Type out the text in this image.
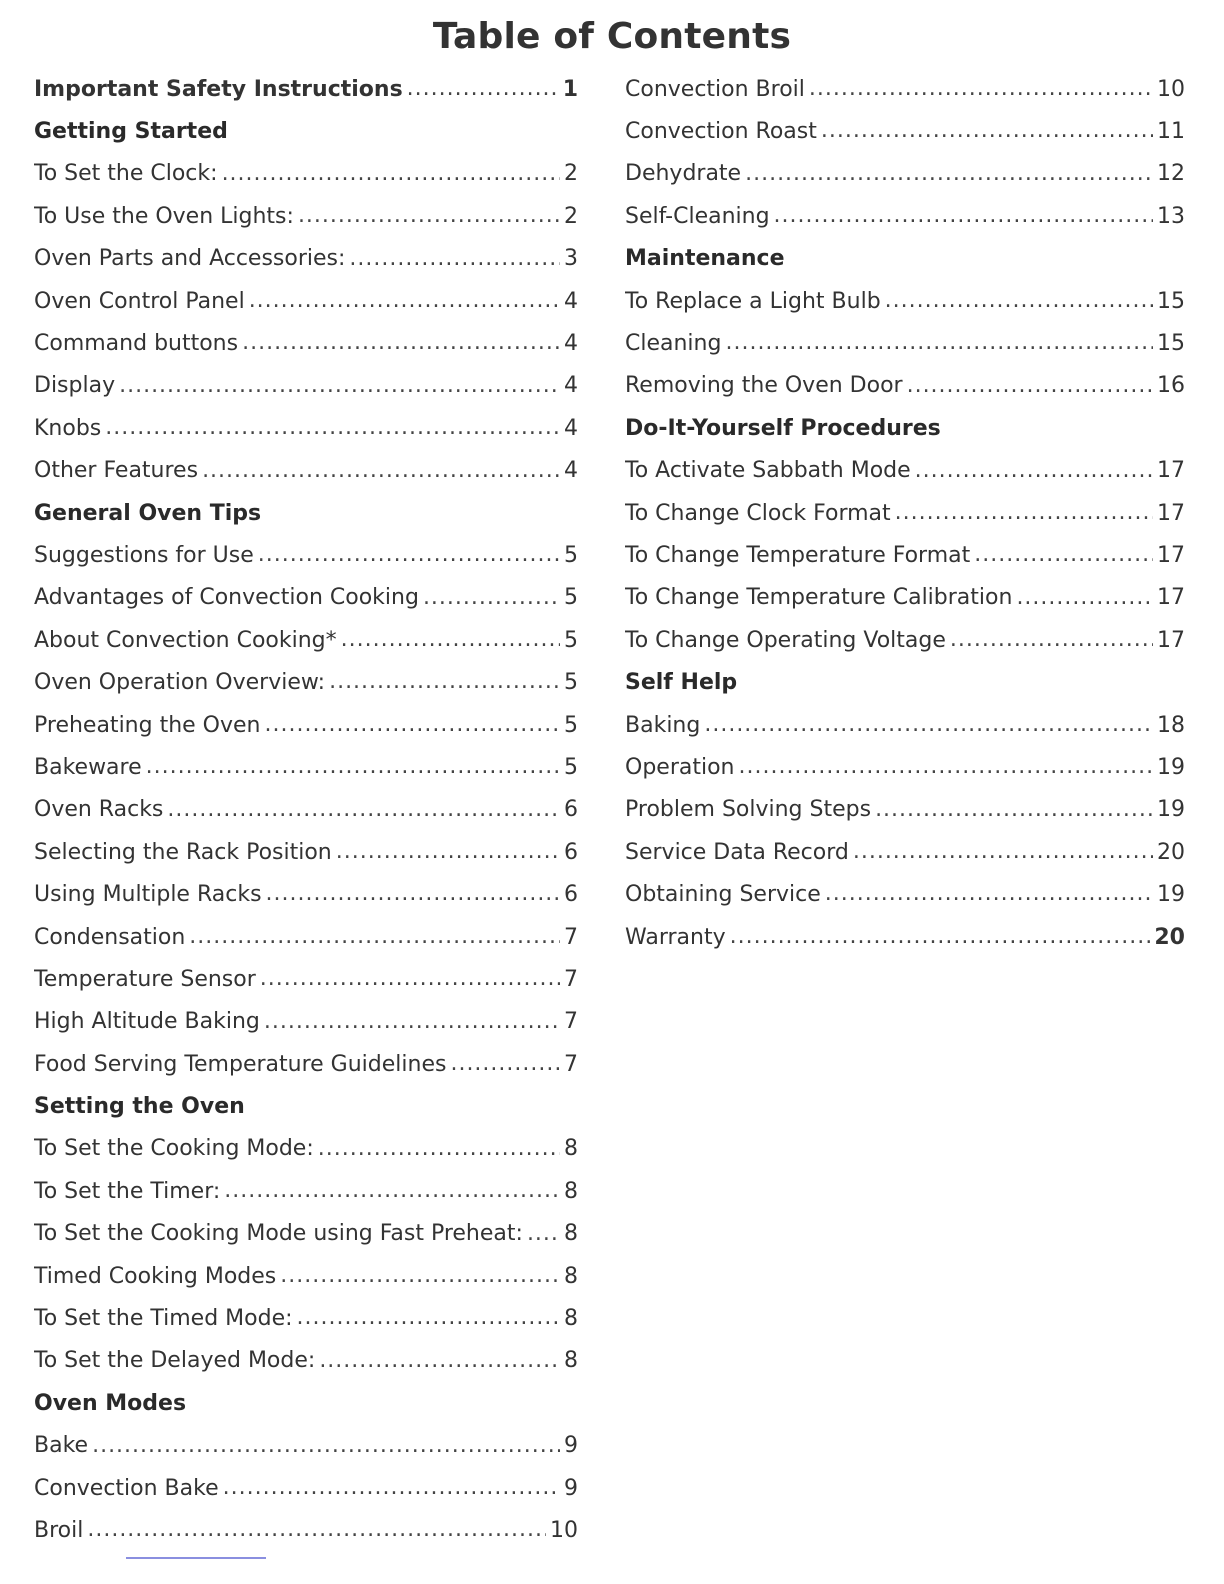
Table of Contents
Important Safety Instructions .....	1
Getting Started
To Set the Clock: .....	2
To Use the Oven Lights: .....	2
Oven Parts and Accessories: .....	3
Oven Control Panel .....	4
Command buttons .....	4
Display .....	4
Knobs .....	4
Other Features .....	4
General Oven Tips
Suggestions for Use .....	5
Advantages of Convection Cooking .....	5
About Convection Cooking* .....	5
Oven Operation Overview: .....	5
Preheating the Oven .....	5
Bakeware .....	5
Oven Racks .....	6
Selecting the Rack Position .....	6
Using Multiple Racks .....	6
Condensation .....	7
Temperature Sensor .....	7
High Altitude Baking .....	7
Food Serving Temperature Guidelines .....	7
Setting the Oven
To Set the Cooking Mode: .....	8
To Set the Timer: .....	8
To Set the Cooking Mode using Fast Preheat: ..... 8
Timed Cooking Modes .....	8
To Set the Timed Mode: .....	8
To Set the Delayed Mode: .....	8
Oven Modes
Bake .....	9
Convection Bake .....	9
Broil .....	10
Convection Broil .....	10
Convection Roast .....	11
Dehydrate .....	12
Self-Cleaning .....	13
Maintenance
To Replace a Light Bulb .....	15
Cleaning .....	15
Removing the Oven Door .....	16
Do-It-Yourself Procedures
To Activate Sabbath Mode .....	17
To Change Clock Format .....	17
To Change Temperature Format .....	17
To Change Temperature Calibration .....	17
To Change Operating Voltage .....	17
Self Help
Baking .....	18
Operation .....	19
Problem Solving Steps .....	19
Service Data Record .....	20
Obtaining Service .....	19
Warranty .....	20
